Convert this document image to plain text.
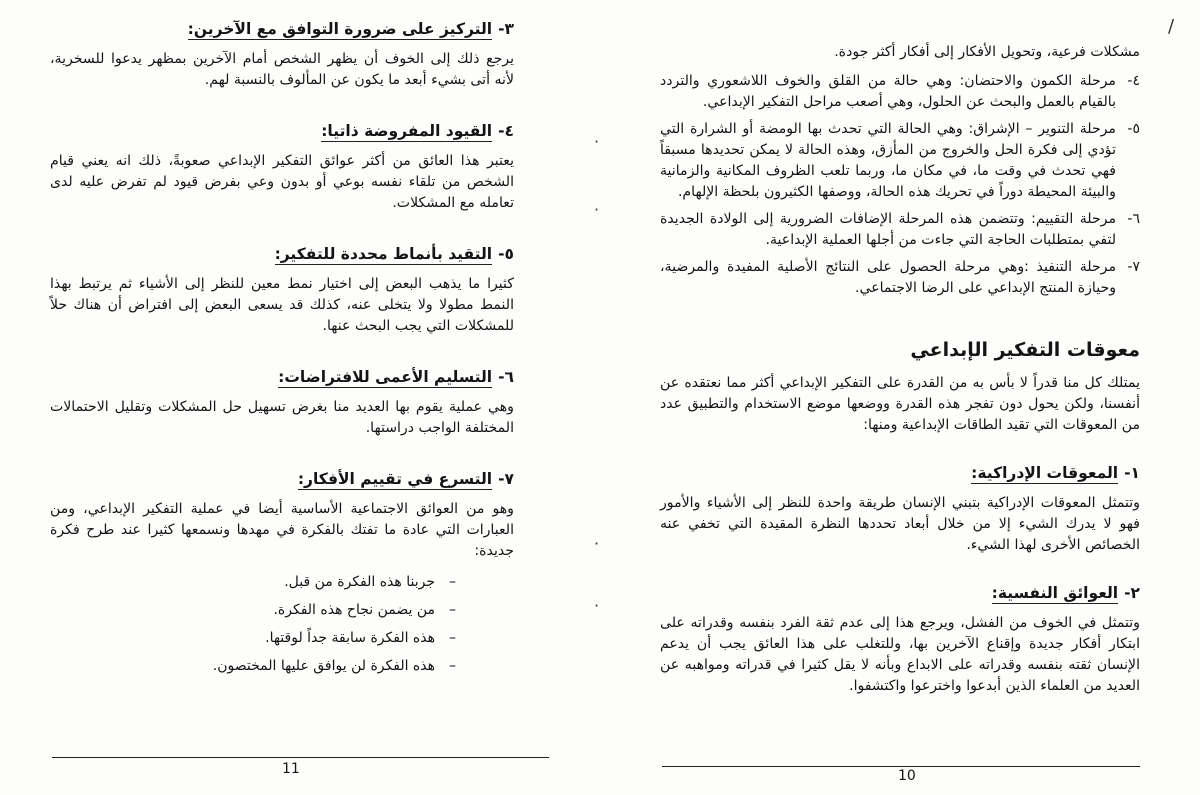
٣-التركيز على ضرورة التوافق مع الآخرين:

يرجع ذلك إلى الخوف أن يظهر الشخص أمام الآخرين بمظهر يدعوا للسخرية، لأنه أتى بشيء أبعد ما يكون عن المألوف بالنسبة لهم.

٤-القيود المفروضة ذاتيا:

يعتبر هذا العائق من أكثر عوائق التفكير الإبداعي صعوبةً، ذلك انه يعني قيام الشخص من تلقاء نفسه بوعي أو بدون وعي بفرض قيود لم تفرض عليه لدى تعامله مع المشكلات.

٥-التقيد بأنماط محددة للتفكير:

كثيرا ما يذهب البعض إلى اختيار نمط معين للنظر إلى الأشياء ثم يرتبط بهذا النمط مطولا ولا يتخلى عنه، كذلك قد يسعى البعض إلى افتراض أن هناك حلاً للمشكلات التي يجب البحث عنها.

٦-التسليم الأعمى للافتراضات:

وهي عملية يقوم بها العديد منا بغرض تسهيل حل المشكلات وتقليل الاحتمالات المختلفة الواجب دراستها.

٧-التسرع في تقييم الأفكار:

وهو من العوائق الاجتماعية الأساسية أيضا في عملية التفكير الإبداعي، ومن العبارات التي عادة ما تفتك بالفكرة في مهدها ونسمعها كثيرا عند طرح فكرة جديدة:

–جربنا هذه الفكرة من قبل.
–من يضمن نجاح هذه الفكرة.
–هذه الفكرة سابقة جداً لوقتها.
–هذه الفكرة لن يوافق عليها المختصون.
11
·
·
·
·

مشكلات فرعية، وتحويل الأفكار إلى أفكار أكثر جودة.

٤-
مرحلة الكمون والاحتضان: وهي حالة من القلق والخوف اللاشعوري والتردد بالقيام بالعمل والبحث عن الحلول، وهي أصعب مراحل التفكير الإبداعي.
٥-
مرحلة التنوير – الإشراق: وهي الحالة التي تحدث بها الومضة أو الشرارة التي تؤدي إلى فكرة الحل والخروج من المأزق، وهذه الحالة لا يمكن تحديدها مسبقاً فهي تحدث في وقت ما، في مكان ما، وربما تلعب الظروف المكانية والزمانية والبيئة المحيطة دوراً في تحريك هذه الحالة، ووصفها الكثيرون بلحظة الإلهام.
٦-
مرحلة التقييم: وتتضمن هذه المرحلة الإضافات الضرورية إلى الولادة الجديدة لتفي بمتطلبات الحاجة التي جاءت من أجلها العملية الإبداعية.
٧-
مرحلة التنفيذ :وهي مرحلة الحصول على النتائج الأصلية المفيدة والمرضية، وحيازة المنتج الإبداعي على الرضا الاجتماعي.
معوقات التفكير الإبداعي

يمتلك كل منا قدراً لا بأس به من القدرة على التفكير الإبداعي أكثر مما نعتقده عن أنفسنا، ولكن يحول دون تفجر هذه القدرة ووضعها موضع الاستخدام والتطبيق عدد من المعوقات التي تقيد الطاقات الإبداعية ومنها:

١-المعوقات الإدراكية:

وتتمثل المعوقات الإدراكية بتبني الإنسان طريقة واحدة للنظر إلى الأشياء والأمور فهو لا يدرك الشيء إلا من خلال أبعاد تحددها النظرة المقيدة التي تخفي عنه الخصائص الأخرى لهذا الشيء.

٢-العوائق النفسية:

وتتمثل في الخوف من الفشل، ويرجع هذا إلى عدم ثقة الفرد بنفسه وقدراته على ابتكار أفكار جديدة وإقناع الآخرين بها، وللتغلب على هذا العائق يجب أن يدعم الإنسان ثقته بنفسه وقدراته على الابداع وبأنه لا يقل كثيرا في قدراته ومواهبه عن العديد من العلماء الذين أبدعوا واخترعوا واكتشفوا.

10
/
